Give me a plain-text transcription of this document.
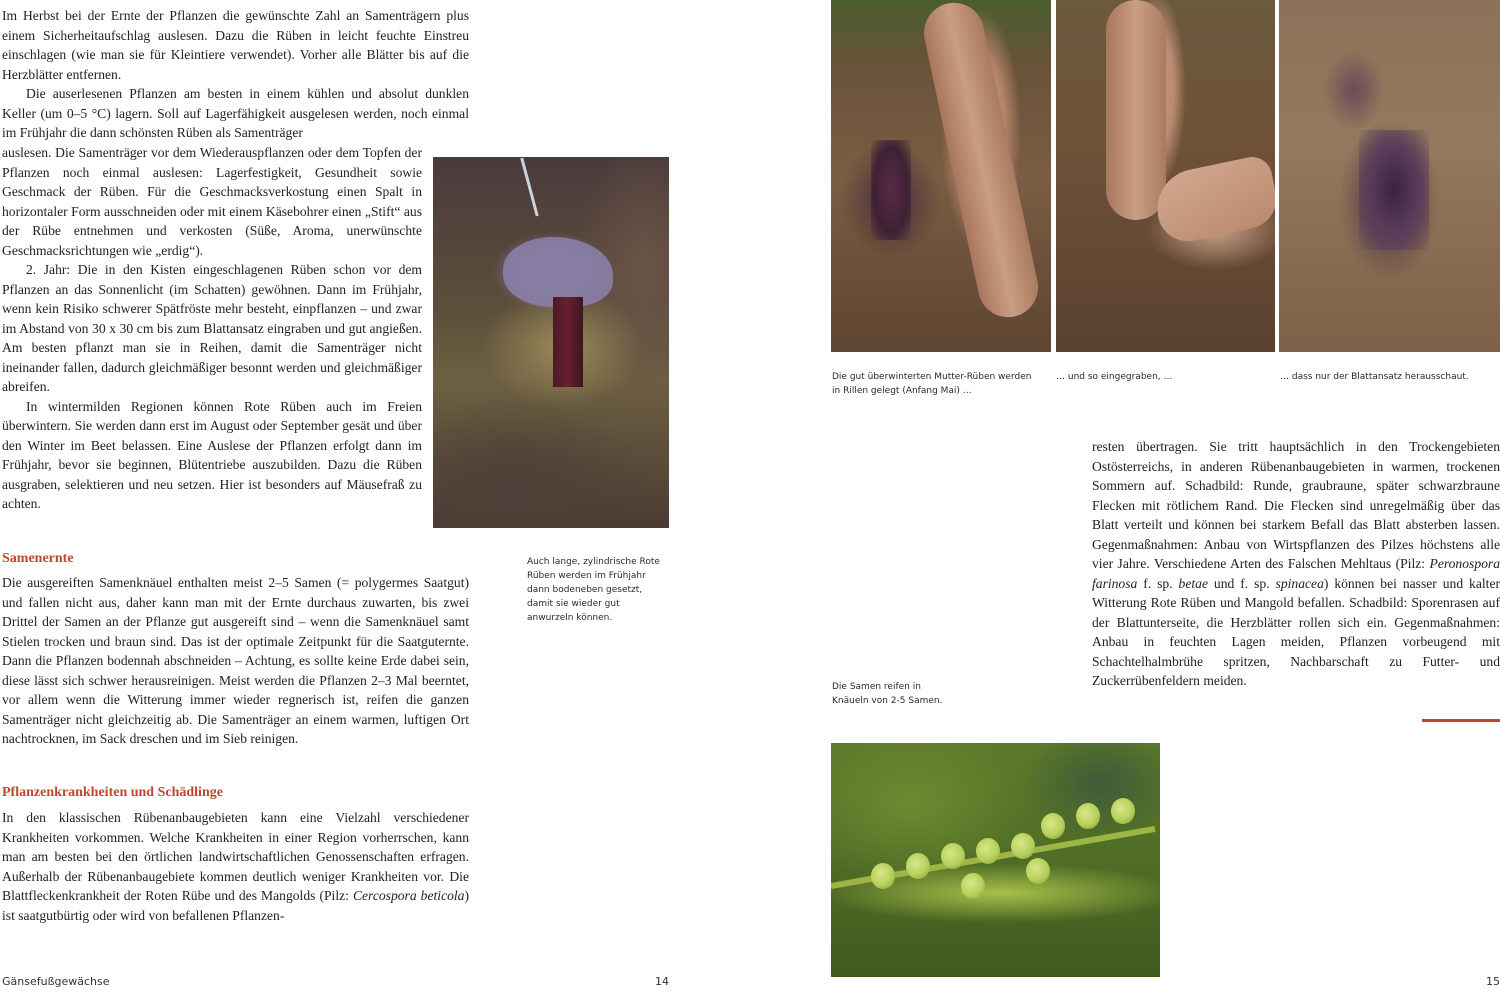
Im Herbst bei der Ernte der Pflanzen die gewünschte Zahl an Samenträgern plus einem Sicherheitaufschlag auslesen. Dazu die Rüben in leicht feuchte Einstreu einschlagen (wie man sie für Kleintiere verwendet). Vorher alle Blätter bis auf die Herzblätter entfernen.

Die auserlesenen Pflanzen am besten in einem kühlen und absolut dunklen Keller (um 0–5 °C) lagern. Soll auf Lagerfähigkeit ausgelesen werden, noch einmal im Frühjahr die dann schönsten Rüben als Samenträger

auslesen. Die Samenträger vor dem Wiederauspflanzen oder dem Topfen der Pflanzen noch einmal auslesen: Lagerfestigkeit, Gesundheit sowie Geschmack der Rüben. Für die Geschmacksverkostung einen Spalt in horizontaler Form ausschneiden oder mit einem Käsebohrer einen „Stift“ aus der Rübe entnehmen und verkosten (Süße, Aroma, unerwünschte Geschmacksrichtungen wie „erdig“).

2. Jahr: Die in den Kisten eingeschlagenen Rüben schon vor dem Pflanzen an das Sonnenlicht (im Schatten) gewöhnen. Dann im Frühjahr, wenn kein Risiko schwerer Spätfröste mehr besteht, einpflanzen – und zwar im Abstand von 30 x 30 cm bis zum Blattansatz eingraben und gut angießen. Am besten pflanzt man sie in Reihen, damit die Samenträger nicht ineinander fallen, dadurch gleichmäßiger besonnt werden und gleichmäßiger abreifen.

In wintermilden Regionen können Rote Rüben auch im Freien überwintern. Sie werden dann erst im August oder September gesät und über den Winter im Beet belassen. Eine Auslese der Pflanzen erfolgt dann im Frühjahr, bevor sie beginnen, Blütentriebe auszubilden. Dazu die Rüben ausgraben, selektieren und neu setzen. Hier ist besonders auf Mäusefraß zu achten.

Auch lange, zylindrische Rote Rüben werden im Frühjahr dann bodeneben gesetzt, damit sie wieder gut anwurzeln können.
Samenernte

Die ausgereiften Samenknäuel enthalten meist 2–5 Samen (= polygermes Saatgut) und fallen nicht aus, daher kann man mit der Ernte durchaus zuwarten, bis zwei Drittel der Samen an der Pflanze gut ausgereift sind – wenn die Samenknäuel samt Stielen trocken und braun sind. Das ist der optimale Zeitpunkt für die Saatguternte. Dann die Pflanzen bodennah abschneiden – Achtung, es sollte keine Erde dabei sein, diese lässt sich schwer herausreinigen. Meist werden die Pflanzen 2–3 Mal beerntet, vor allem wenn die Witterung immer wieder regnerisch ist, reifen die ganzen Samenträger nicht gleichzeitig ab. Die Samenträger an einem warmen, luftigen Ort nachtrocknen, im Sack dreschen und im Sieb reinigen.

Pflanzenkrankheiten und Schädlinge

In den klassischen Rübenanbaugebieten kann eine Vielzahl verschiedener Krankheiten vorkommen. Welche Krankheiten in einer Region vorherrschen, kann man am besten bei den örtlichen landwirtschaftlichen Genossenschaften erfragen. Außerhalb der Rübenanbaugebiete kommen deutlich weniger Krankheiten vor. Die Blattfleckenkrankheit der Roten Rübe und des Mangolds (Pilz: Cercospora beticola) ist saatgutbürtig oder wird von befallenen Pflanzen-

Gänsefußgewächse	14
Die gut überwinterten Mutter-Rüben werden in Rillen gelegt (Anfang Mai) …
… und so eingegraben, …	… dass nur der Blattansatz herausschaut.

resten übertragen. Sie tritt hauptsächlich in den Trockengebieten Ostösterreichs, in anderen Rübenanbaugebieten in warmen, trockenen Sommern auf. Schadbild: Runde, graubraune, später schwarzbraune Flecken mit rötlichem Rand. Die Flecken sind unregelmäßig über das Blatt verteilt und können bei starkem Befall das Blatt absterben lassen. Gegenmaßnahmen: Anbau von Wirtspflanzen des Pilzes höchstens alle vier Jahre. Verschiedene Arten des Falschen Mehltaus (Pilz: Peronospora farinosa f. sp. betae und f. sp. spinacea) können bei nasser und kalter Witterung Rote Rüben und Mangold befallen. Schadbild: Sporenrasen auf der Blattunterseite, die Herzblätter rollen sich ein. Gegenmaßnahmen: Anbau in feuchten Lagen meiden, Pflanzen vorbeugend mit Schachtelhalmbrühe spritzen, Nachbarschaft zu Futter- und Zuckerrübenfeldern meiden.

Die Samen reifen in Knäueln von 2-5 Samen.
15
